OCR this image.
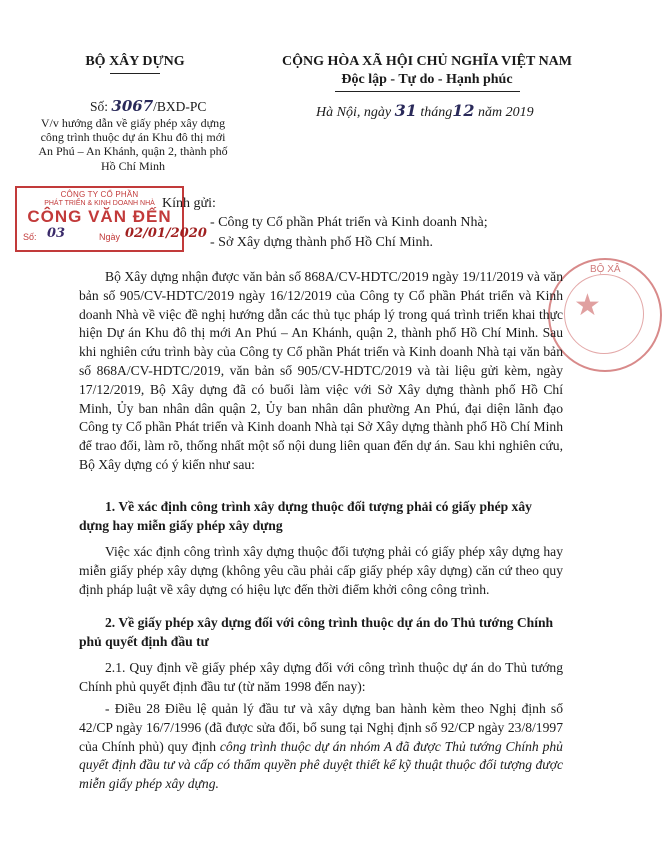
BỘ XÂY DỰNG
Số: 3067/BXD-PC
V/v hướng dẫn về giấy phép xây dựng
công trình thuộc dự án Khu đô thị mới
An Phú – An Khánh, quận 2, thành phố
Hồ Chí Minh
CỘNG HÒA XÃ HỘI CHỦ NGHĨA VIỆT NAM
Độc lập - Tự do - Hạnh phúc
Hà Nội, ngày 31 tháng12 năm 2019
CÔNG TY CỔ PHẦN
PHÁT TRIỂN & KINH DOANH NHÀ
CÔNG VĂN ĐẾN
Số: 03	Ngày 02/01/2020
Kính gửi:
- Công ty Cổ phần Phát triển và Kinh doanh Nhà;
- Sở Xây dựng thành phố Hồ Chí Minh.
★
BỘ XÂ

Bộ Xây dựng nhận được văn bản số 868A/CV-HDTC/2019 ngày 19/11/2019 và văn bản số 905/CV-HDTC/2019 ngày 16/12/2019 của Công ty Cổ phần Phát triển và Kinh doanh Nhà về việc đề nghị hướng dẫn các thủ tục pháp lý trong quá trình triển khai thực hiện Dự án Khu đô thị mới An Phú – An Khánh, quận 2, thành phố Hồ Chí Minh. Sau khi nghiên cứu trình bày của Công ty Cổ phần Phát triển và Kinh doanh Nhà tại văn bản số 868A/CV-HDTC/2019, văn bản số 905/CV-HDTC/2019 và tài liệu gửi kèm, ngày 17/12/2019, Bộ Xây dựng đã có buổi làm việc với Sở Xây dựng thành phố Hồ Chí Minh, Ủy ban nhân dân quận 2, Ủy ban nhân dân phường An Phú, đại diện lãnh đạo Công ty Cổ phần Phát triển và Kinh doanh Nhà tại Sở Xây dựng thành phố Hồ Chí Minh để trao đổi, làm rõ, thống nhất một số nội dung liên quan đến dự án. Sau khi nghiên cứu, Bộ Xây dựng có ý kiến như sau:

1. Về xác định công trình xây dựng thuộc đối tượng phải có giấy phép xây dựng hay miễn giấy phép xây dựng

Việc xác định công trình xây dựng thuộc đối tượng phải có giấy phép xây dựng hay miễn giấy phép xây dựng (không yêu cầu phải cấp giấy phép xây dựng) căn cứ theo quy định pháp luật về xây dựng có hiệu lực đến thời điểm khởi công công trình.

2. Về giấy phép xây dựng đối với công trình thuộc dự án do Thủ tướng Chính phủ quyết định đầu tư

2.1. Quy định về giấy phép xây dựng đối với công trình thuộc dự án do Thủ tướng Chính phủ quyết định đầu tư (từ năm 1998 đến nay):

- Điều 28 Điều lệ quản lý đầu tư và xây dựng ban hành kèm theo Nghị định số 42/CP ngày 16/7/1996 (đã được sửa đổi, bổ sung tại Nghị định số 92/CP ngày 23/8/1997 của Chính phủ) quy định công trình thuộc dự án nhóm A đã được Thủ tướng Chính phủ quyết định đầu tư và cấp có thẩm quyền phê duyệt thiết kế kỹ thuật thuộc đối tượng được miễn giấy phép xây dựng.
